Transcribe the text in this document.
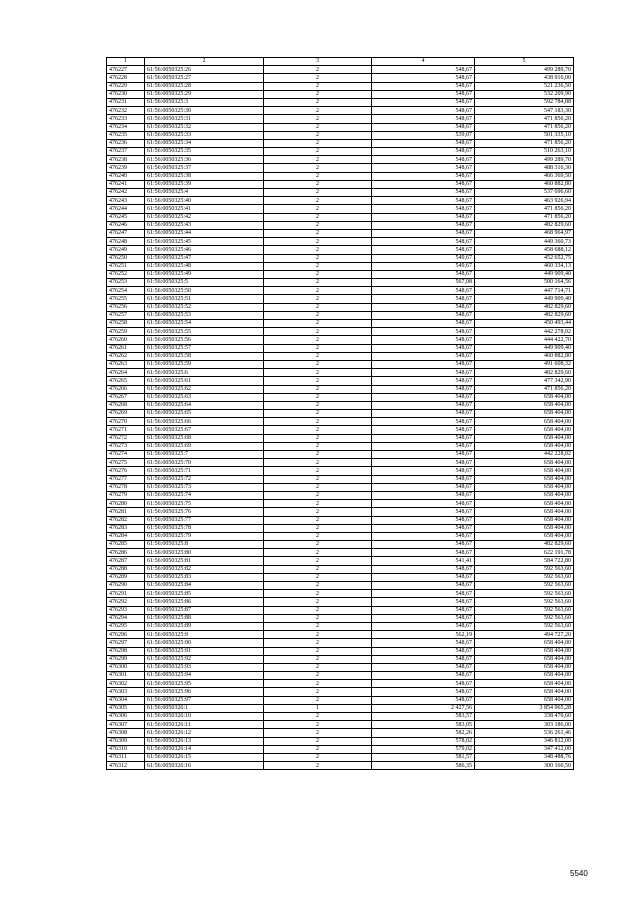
1	2	3	4	5
476227	61:56:0050325:26	2	548,67	499 289,70
476228	61:56:0050325:27	2	548,67	438 916,00
476229	61:56:0050325:28	2	548,67	521 236,50
476230	61:56:0050325:29	2	548,67	532 209,90
476231	61:56:0050325:3	2	548,67	592 784,88
476232	61:56:0050325:30	2	548,67	547 183,30
476233	61:56:0050325:31	2	548,67	471 856,20
476234	61:56:0050325:32	2	548,67	471 856,20
476235	61:56:0050325:33	2	539,07	501 335,10
476236	61:56:0050325:34	2	548,67	471 856,20
476237	61:56:0050325:35	2	548,67	510 263,10
476238	61:56:0050325:36	2	548,67	499 289,70
476239	61:56:0050325:37	2	548,67	488 316,30
476240	61:56:0050325:38	2	548,67	466 369,50
476241	61:56:0050325:39	2	548,67	460 882,80
476242	61:56:0050325:4	2	548,67	537 696,60
476243	61:56:0050325:40	2	548,67	463 926,94
476244	61:56:0050325:41	2	548,67	471 856,20
476245	61:56:0050325:42	2	548,67	471 856,20
476246	61:56:0050325:43	2	548,67	482 829,60
476247	61:56:0050325:44	2	548,67	468 964,97
476248	61:56:0050325:45	2	548,67	449 360,73
476249	61:56:0050325:46	2	548,67	458 688,12
476250	61:56:0050325:47	2	549,67	452 652,75
476251	61:56:0050325:48	2	549,67	460 334,13
476252	61:56:0050325:49	2	548,67	449 909,40
476253	61:56:0050325:5	2	567,08	500 164,56
476254	61:56:0050325:50	2	548,67	447 714,71
476255	61:56:0050325:51	2	548,67	449 909,40
476256	61:56:0050325:52	2	548,67	482 829,60
476257	61:56:0050325:53	2	548,67	482 829,60
476258	61:56:0050325:54	2	548,67	450 493,44
476259	61:56:0050325:55	2	548,67	442 278,02
476260	61:56:0050325:56	2	548,67	444 422,70
476261	61:56:0050325:57	2	548,67	449 909,40
476262	61:56:0050325:58	2	548,67	460 882,80
476263	61:56:0050325:59	2	548,67	491 608,32
476264	61:56:0050325:6	2	548,67	482 829,60
476265	61:56:0050325:61	2	548,67	477 342,90
476266	61:56:0050325:62	2	548,67	471 856,20
476267	61:56:0050325:63	2	548,67	658 404,00
476268	61:56:0050325:64	2	548,67	658 404,00
476269	61:56:0050325:65	2	548,67	658 404,00
476270	61:56:0050325:66	2	548,67	658 404,00
476271	61:56:0050325:67	2	548,67	658 404,00
476272	61:56:0050325:68	2	548,67	658 404,00
476273	61:56:0050325:69	2	548,67	658 404,00
476274	61:56:0050325:7	2	548,67	442 228,02
476275	61:56:0050325:70	2	548,67	658 404,00
476276	61:56:0050325:71	2	548,67	658 404,00
476277	61:56:0050325:72	2	548,67	658 404,00
476278	61:56:0050325:73	2	548,67	658 404,00
476279	61:56:0050325:74	2	548,67	658 404,00
476280	61:56:0050325:75	2	548,67	658 404,00
476281	61:56:0050325:76	2	548,67	658 404,00
476282	61:56:0050325:77	2	548,67	658 404,00
476283	61:56:0050325:78	2	548,67	658 404,00
476284	61:56:0050325:79	2	548,67	658 404,00
476285	61:56:0050325:8	2	548,67	482 829,60
476286	61:56:0050325:80	2	548,67	622 191,78
476287	61:56:0050325:81	2	541,41	584 722,80
476288	61:56:0050325:82	2	548,67	592 563,60
476289	61:56:0050325:83	2	548,67	592 563,60
476290	61:56:0050325:84	2	548,67	592 563,60
476291	61:56:0050325:85	2	548,67	592 563,60
476292	61:56:0050325:86	2	548,67	592 563,60
476293	61:56:0050325:87	2	548,67	592 563,60
476294	61:56:0050325:88	2	548,67	592 563,60
476295	61:56:0050325:89	2	548,67	592 563,60
476296	61:56:0050325:9	2	562,19	494 727,20
476297	61:56:0050325:90	2	548,67	658 404,00
476298	61:56:0050325:91	2	548,67	658 404,00
476299	61:56:0050325:92	2	548,67	658 404,00
476300	61:56:0050325:93	2	548,67	658 404,00
476301	61:56:0050325:94	2	548,67	658 404,00
476302	61:56:0050325:95	2	548,67	658 404,00
476303	61:56:0050325:96	2	548,67	658 404,00
476304	61:56:0050325:97	2	548,67	658 404,00
476305	61:56:0050326:1	1	2 427,56	3 854 965,28
476306	61:56:0050326:10	2	583,57	338 470,60
476307	61:56:0050326:11	2	583,05	303 186,00
476308	61:56:0050326:12	2	582,26	536 261,46
476309	61:56:0050326:13	2	578,02	346 812,00
476310	61:56:0050326:14	2	579,02	347 412,00
476311	61:56:0050326:15	2	581,57	348 488,76
476312	61:56:0050326:16	2	586,35	300 160,50
5540
